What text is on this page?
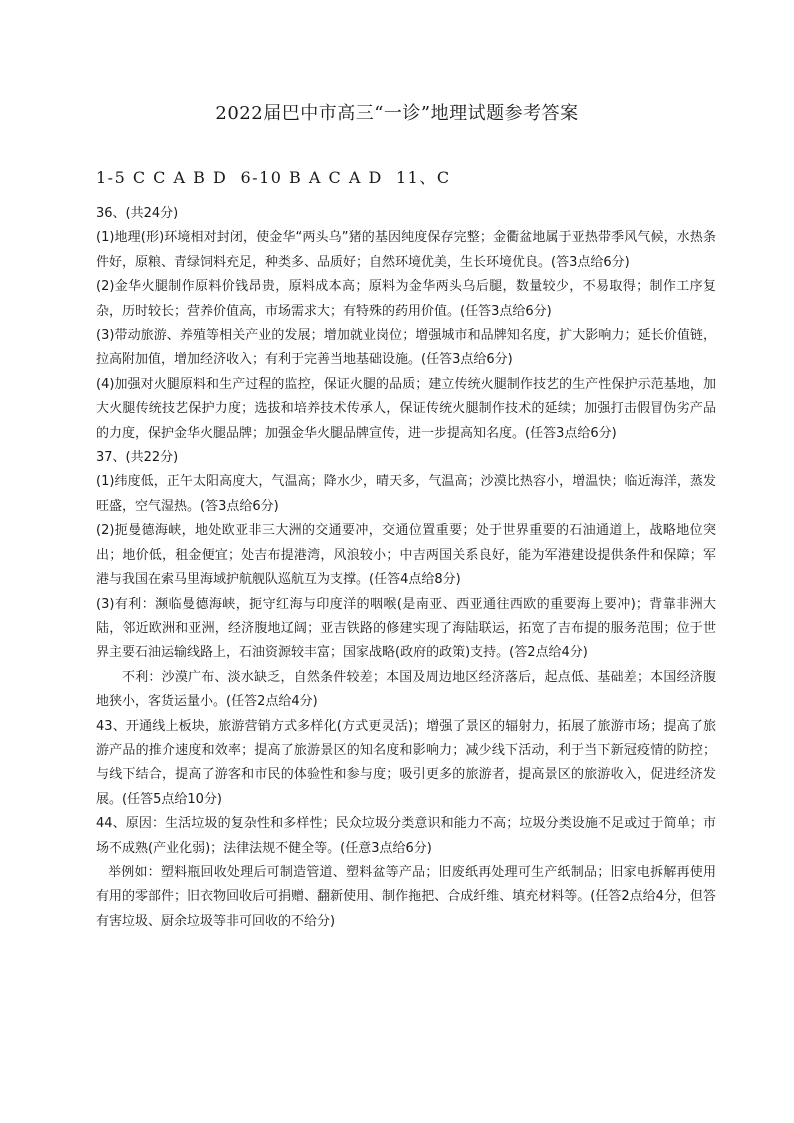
2022届巴中市高三“一诊”地理试题参考答案
1-5 C C A B D  6-10 B A C A D  11、C

36、(共24分)

(1)地理(形)环境相对封闭，使金华“两头乌”猪的基因纯度保存完整；金衢盆地属于亚热带季风气候，水热条件好，原粮、青绿饲料充足，种类多、品质好；自然环境优美，生长环境优良。(答3点给6分)

(2)金华火腿制作原料价钱昂贵，原料成本高；原料为金华两头乌后腿，数量较少，不易取得；制作工序复杂，历时较长；营养价值高，市场需求大；有特殊的药用价值。(任答3点给6分)

(3)带动旅游、养殖等相关产业的发展；增加就业岗位；增强城市和品牌知名度，扩大影响力；延长价值链，拉高附加值，增加经济收入；有利于完善当地基础设施。(任答3点给6分)

(4)加强对火腿原料和生产过程的监控，保证火腿的品质；建立传统火腿制作技艺的生产性保护示范基地，加大火腿传统技艺保护力度；选拔和培养技术传承人，保证传统火腿制作技术的延续；加强打击假冒伪劣产品的力度，保护金华火腿品牌；加强金华火腿品牌宣传，进一步提高知名度。(任答3点给6分)

37、(共22分)

(1)纬度低，正午太阳高度大，气温高；降水少，晴天多，气温高；沙漠比热容小，增温快；临近海洋，蒸发旺盛，空气湿热。(答3点给6分)

(2)扼曼德海峡，地处欧亚非三大洲的交通要冲，交通位置重要；处于世界重要的石油通道上，战略地位突出；地价低，租金便宜；处吉布提港湾，风浪较小；中吉两国关系良好，能为军港建设提供条件和保障；军港与我国在索马里海域护航舰队巡航互为支撑。(任答4点给8分)

(3)有利：濒临曼德海峡，扼守红海与印度洋的咽喉(是南亚、西亚通往西欧的重要海上要冲)；背靠非洲大陆，邻近欧洲和亚洲，经济腹地辽阔；亚吉铁路的修建实现了海陆联运，拓宽了吉布提的服务范围；位于世界主要石油运输线路上，石油资源较丰富；国家战略(政府的政策)支持。(答2点给4分)

不利：沙漠广布、淡水缺乏，自然条件较差；本国及周边地区经济落后，起点低、基础差；本国经济腹地狭小，客货运量小。(任答2点给4分)

43、开通线上板块，旅游营销方式多样化(方式更灵活)；增强了景区的辐射力，拓展了旅游市场；提高了旅游产品的推介速度和效率；提高了旅游景区的知名度和影响力；减少线下活动，利于当下新冠疫情的防控；与线下结合，提高了游客和市民的体验性和参与度；吸引更多的旅游者，提高景区的旅游收入，促进经济发展。(任答5点给10分)

44、原因：生活垃圾的复杂性和多样性；民众垃圾分类意识和能力不高；垃圾分类设施不足或过于简单；市场不成熟(产业化弱)；法律法规不健全等。(任意3点给6分)

举例如：塑料瓶回收处理后可制造管道、塑料盆等产品；旧废纸再处理可生产纸制品；旧家电拆解再使用有用的零部件；旧衣物回收后可捐赠、翻新使用、制作拖把、合成纤维、填充材料等。(任答2点给4分，但答有害垃圾、厨余垃圾等非可回收的不给分)
